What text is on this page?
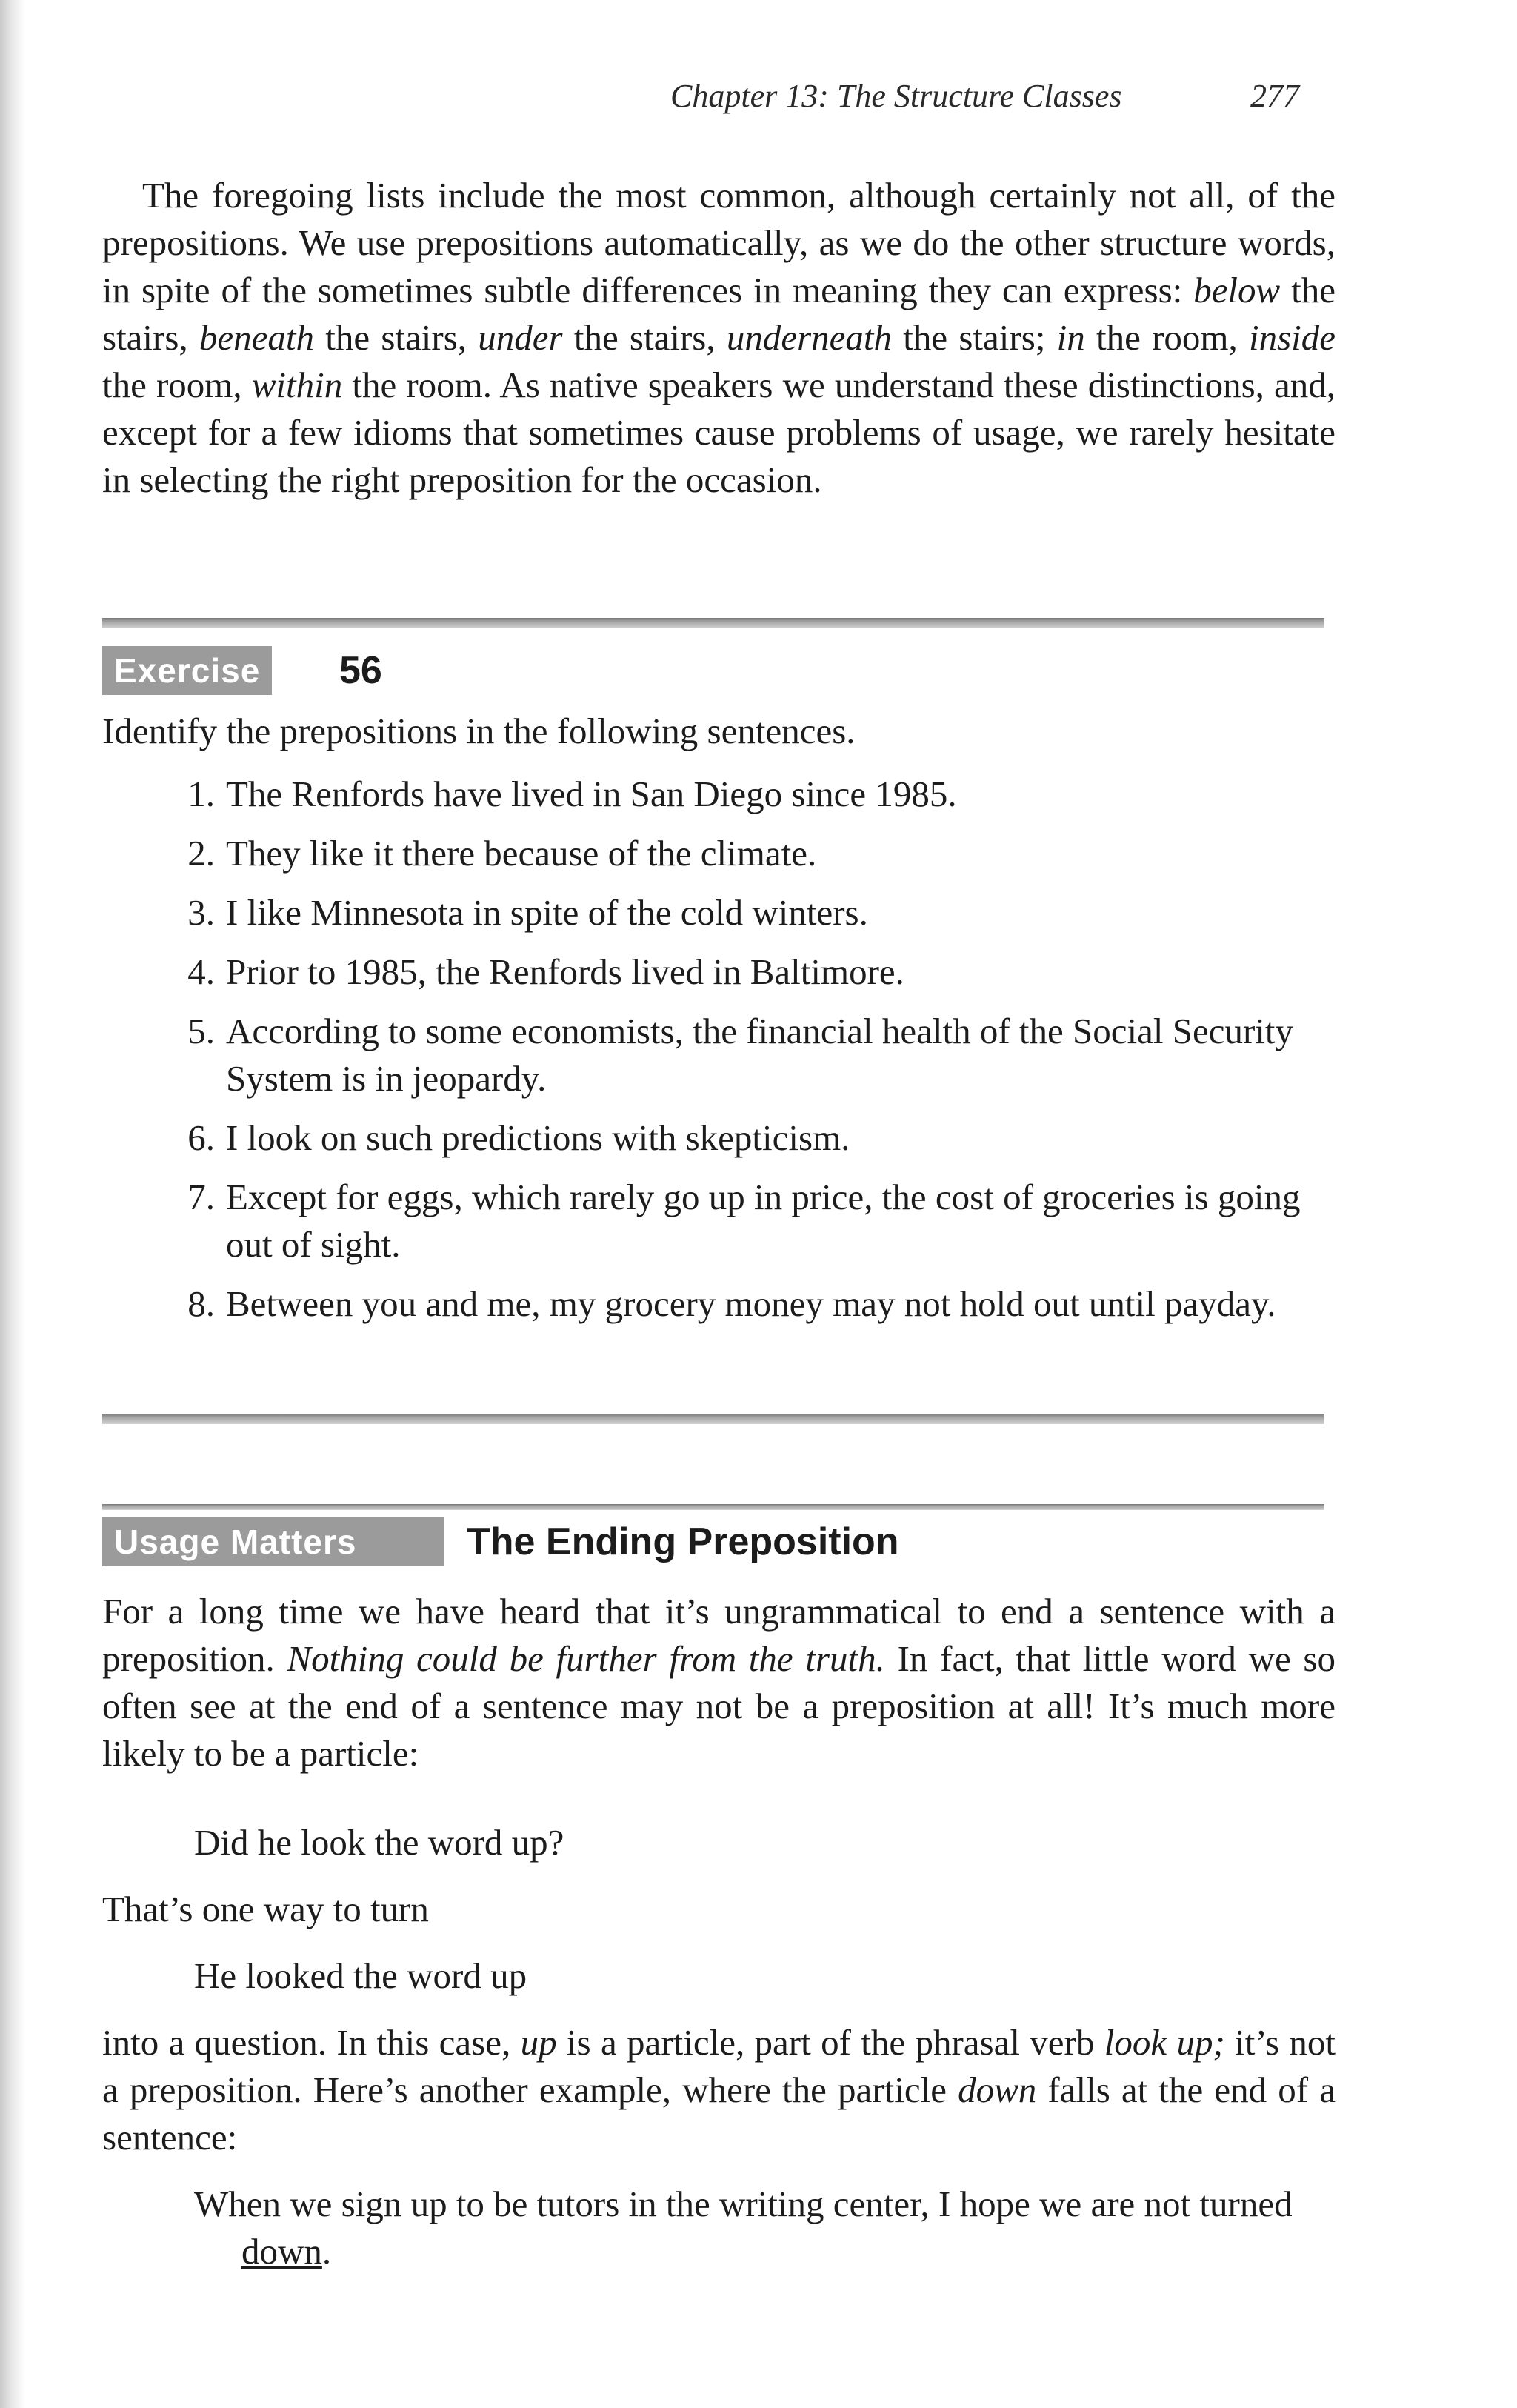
Chapter 13: The Structure Classes	277

The foregoing lists include the most common, although certainly not all, of the prepositions. We use prepositions automatically, as we do the other structure words, in spite of the sometimes subtle differences in meaning they can express: below the stairs, beneath the stairs, under the stairs, underneath the stairs; in the room, inside the room, within the room. As native speakers we understand these distinctions, and, except for a few idioms that sometimes cause problems of usage, we rarely hesitate in selecting the right preposition for the occasion.

Exercise	56

Identify the prepositions in the following sentences.

1. The Renfords have lived in San Diego since 1985.
2. They like it there because of the climate.
3. I like Minnesota in spite of the cold winters.
4. Prior to 1985, the Renfords lived in Baltimore.
5. According to some economists, the financial health of the Social Security System is in jeopardy.
6. I look on such predictions with skepticism.
7. Except for eggs, which rarely go up in price, the cost of groceries is going out of sight.
8. Between you and me, my grocery money may not hold out until payday.
Usage Matters	The Ending Preposition

For a long time we have heard that it’s ungrammatical to end a sentence with a preposition. Nothing could be further from the truth. In fact, that little word we so often see at the end of a sentence may not be a preposition at all! It’s much more likely to be a particle:

Did he look the word up?

That’s one way to turn

He looked the word up

into a question. In this case, up is a particle, part of the phrasal verb look up; it’s not a preposition. Here’s another example, where the particle down falls at the end of a sentence:

When we sign up to be tutors in the writing center, I hope we are not turned down.
